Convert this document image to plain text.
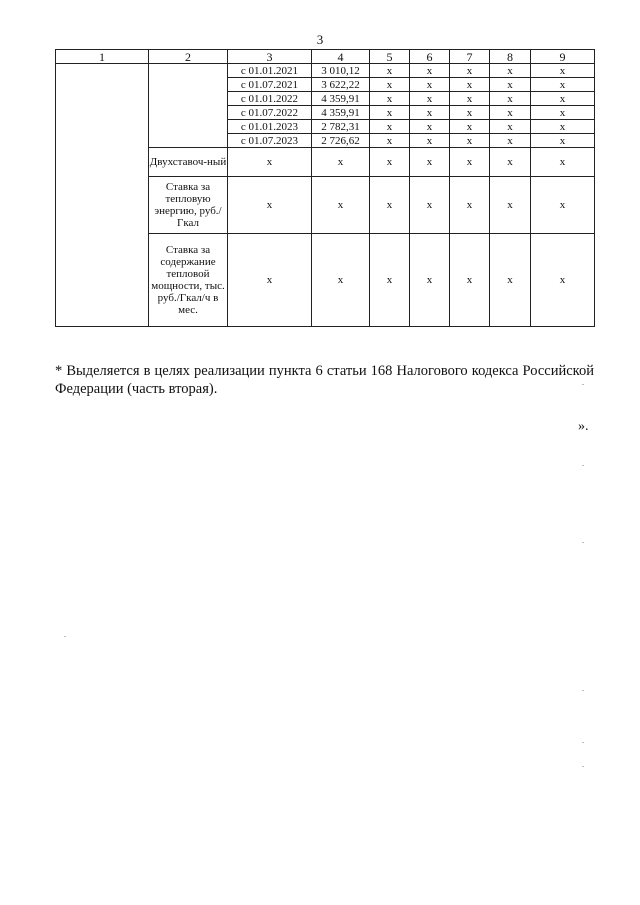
3
1	2	3	4	5	6	7	8	9
		с 01.01.2021	3 010,12	х	х	х	х	х
		с 01.07.2021	3 622,22	х	х	х	х	х
		с 01.01.2022	4 359,91	х	х	х	х	х
		с 01.07.2022	4 359,91	х	х	х	х	х
		с 01.01.2023	2 782,31	х	х	х	х	х
		с 01.07.2023	2 726,62	х	х	х	х	х
	Двухставоч-ный	х	х	х	х	х	х	х
	Ставка за тепловую энергию, руб./Гкал	х	х	х	х	х	х	х
	Ставка за содержание тепловой мощности, тыс. руб./Гкал/ч в мес.	х	х	х	х	х	х	х

* Выделяется в целях реализации пункта 6 статьи 168 Налогового кодекса Российской Федерации (часть вторая).

».
